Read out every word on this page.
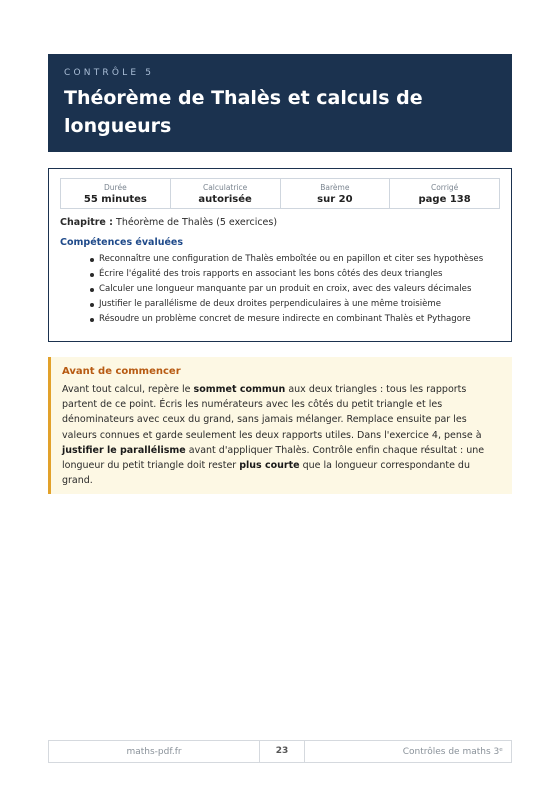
CONTRÔLE 5
Théorème de Thalès et calculs de longueurs
Durée
55 minutes
Calculatrice
autorisée
Barème
sur 20
Corrigé
page 138
Chapitre : Théorème de Thalès (5 exercices)
Compétences évaluées
Reconnaître une configuration de Thalès emboîtée ou en papillon et citer ses hypothèses
Écrire l'égalité des trois rapports en associant les bons côtés des deux triangles
Calculer une longueur manquante par un produit en croix, avec des valeurs décimales
Justifier le parallélisme de deux droites perpendiculaires à une même troisième
Résoudre un problème concret de mesure indirecte en combinant Thalès et Pythagore
Avant de commencer

Avant tout calcul, repère le sommet commun aux deux triangles : tous les rapports partent de ce point. Écris les numérateurs avec les côtés du petit triangle et les dénominateurs avec ceux du grand, sans jamais mélanger. Remplace ensuite par les valeurs connues et garde seulement les deux rapports utiles. Dans l'exercice 4, pense à justifier le parallélisme avant d'appliquer Thalès. Contrôle enfin chaque résultat : une longueur du petit triangle doit rester plus courte que la longueur correspondante du grand.

maths-pdf.fr	23	Contrôles de maths 3ᵉ
